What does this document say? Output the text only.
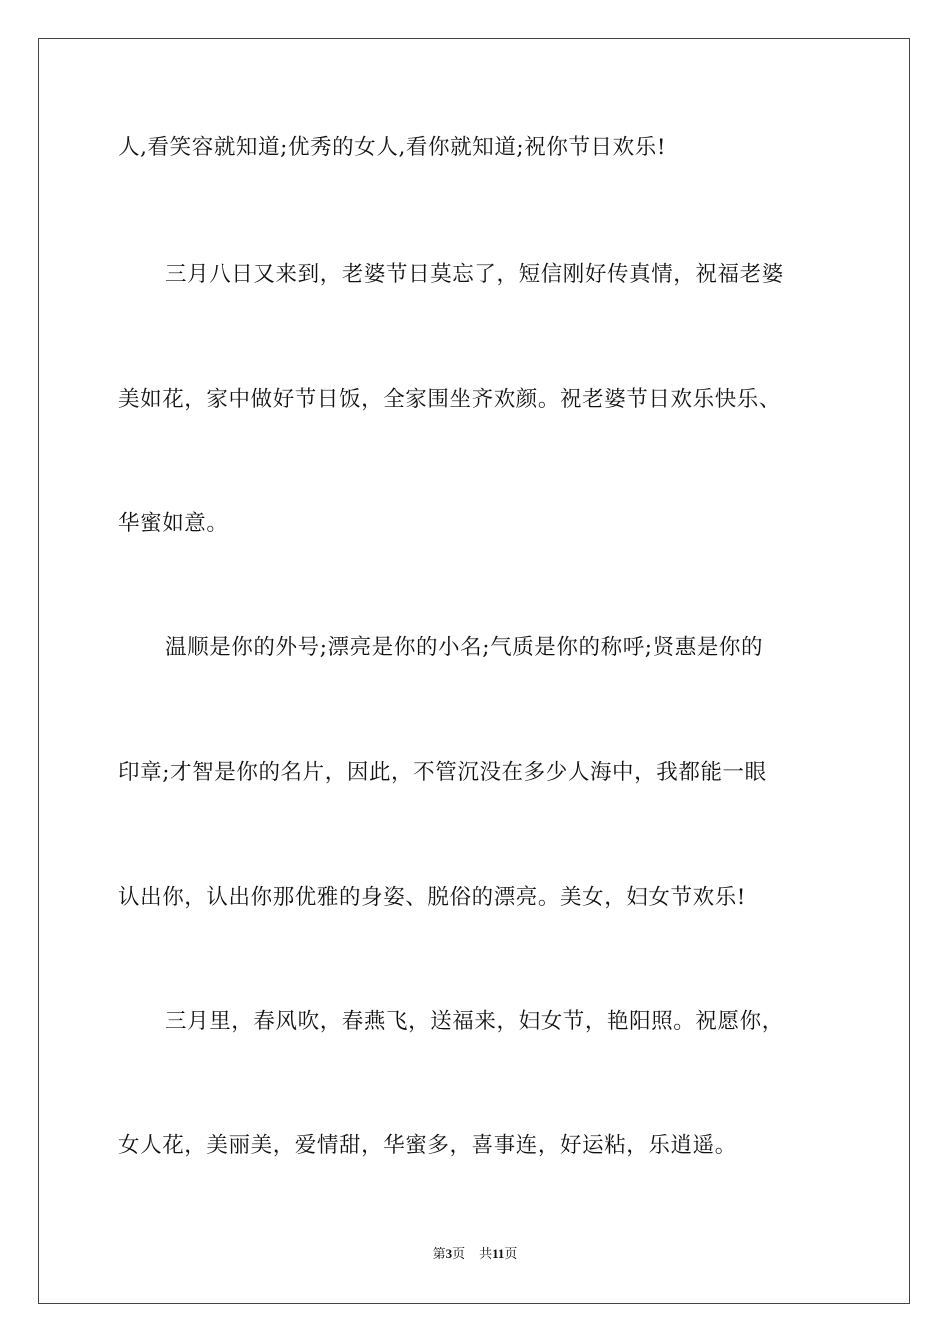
人,看笑容就知道;优秀的女人,看你就知道;祝你节日欢乐!
三月八日又来到，老婆节日莫忘了，短信刚好传真情，祝福老婆
美如花，家中做好节日饭，全家围坐齐欢颜。祝老婆节日欢乐快乐、
华蜜如意。
温顺是你的外号;漂亮是你的小名;气质是你的称呼;贤惠是你的
印章;才智是你的名片，因此，不管沉没在多少人海中，我都能一眼
认出你，认出你那优雅的身姿、脱俗的漂亮。美女，妇女节欢乐!
三月里，春风吹，春燕飞，送福来，妇女节，艳阳照。祝愿你，
女人花，美丽美，爱情甜，华蜜多，喜事连，好运粘，乐逍遥。
第3页 共11页
